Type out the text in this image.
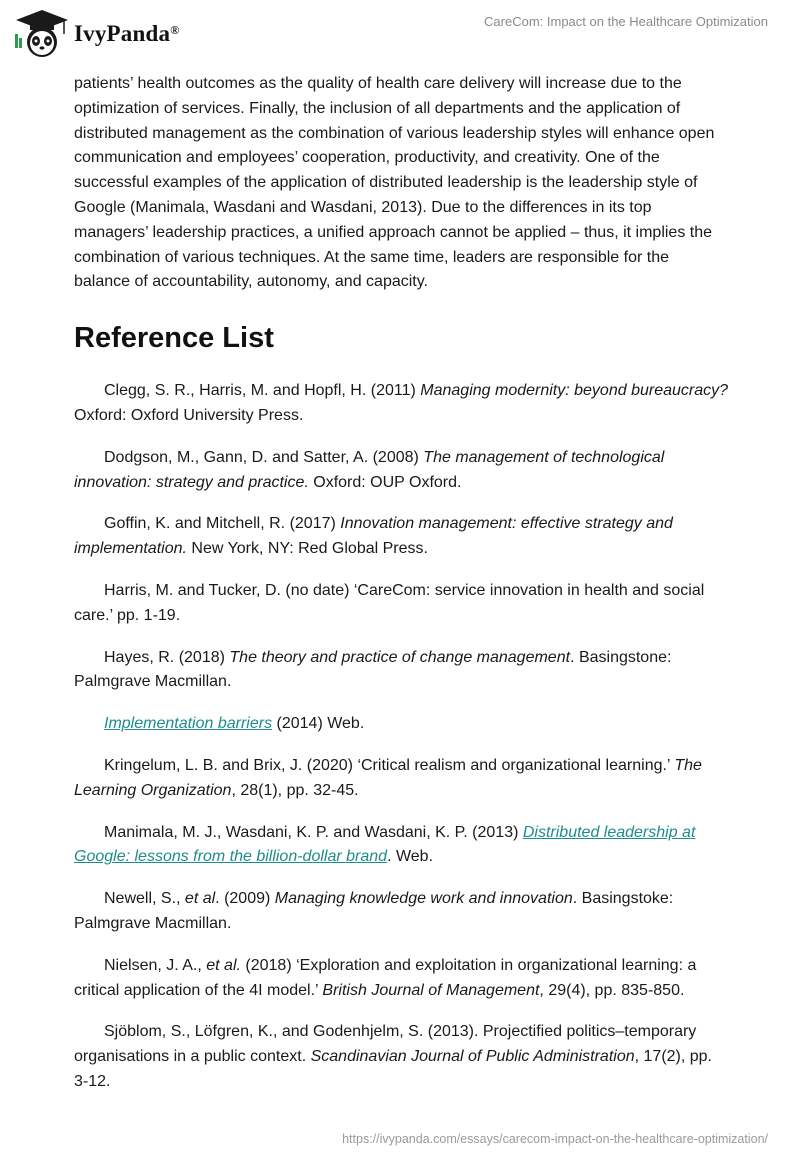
IvyPanda®
CareCom: Impact on the Healthcare Optimization

patients’ health outcomes as the quality of health care delivery will increase due to the optimization of services. Finally, the inclusion of all departments and the application of distributed management as the combination of various leadership styles will enhance open communication and employees’ cooperation, productivity, and creativity. One of the successful examples of the application of distributed leadership is the leadership style of Google (Manimala, Wasdani and Wasdani, 2013). Due to the differences in its top managers’ leadership practices, a unified approach cannot be applied – thus, it implies the combination of various techniques. At the same time, leaders are responsible for the balance of accountability, autonomy, and capacity.

Reference List

Clegg, S. R., Harris, M. and Hopfl, H. (2011) Managing modernity: beyond bureaucracy? Oxford: Oxford University Press.

Dodgson, M., Gann, D. and Satter, A. (2008) The management of technological innovation: strategy and practice. Oxford: OUP Oxford.

Goffin, K. and Mitchell, R. (2017) Innovation management: effective strategy and implementation. New York, NY: Red Global Press.

Harris, M. and Tucker, D. (no date) ‘CareCom: service innovation in health and social care.’ pp. 1-19.

Hayes, R. (2018) The theory and practice of change management. Basingstone: Palmgrave Macmillan.

Implementation barriers (2014) Web.

Kringelum, L. B. and Brix, J. (2020) ‘Critical realism and organizational learning.’ The Learning Organization, 28(1), pp. 32-45.

Manimala, M. J., Wasdani, K. P. and Wasdani, K. P. (2013) Distributed leadership at Google: lessons from the billion-dollar brand. Web.

Newell, S., et al. (2009) Managing knowledge work and innovation. Basingstoke: Palmgrave Macmillan.

Nielsen, J. A., et al. (2018) ‘Exploration and exploitation in organizational learning: a critical application of the 4I model.’ British Journal of Management, 29(4), pp. 835-850.

Sjöblom, S., Löfgren, K., and Godenhjelm, S. (2013). Projectified politics–temporary organisations in a public context. Scandinavian Journal of Public Administration, 17(2), pp. 3-12.

https://ivypanda.com/essays/carecom-impact-on-the-healthcare-optimization/
